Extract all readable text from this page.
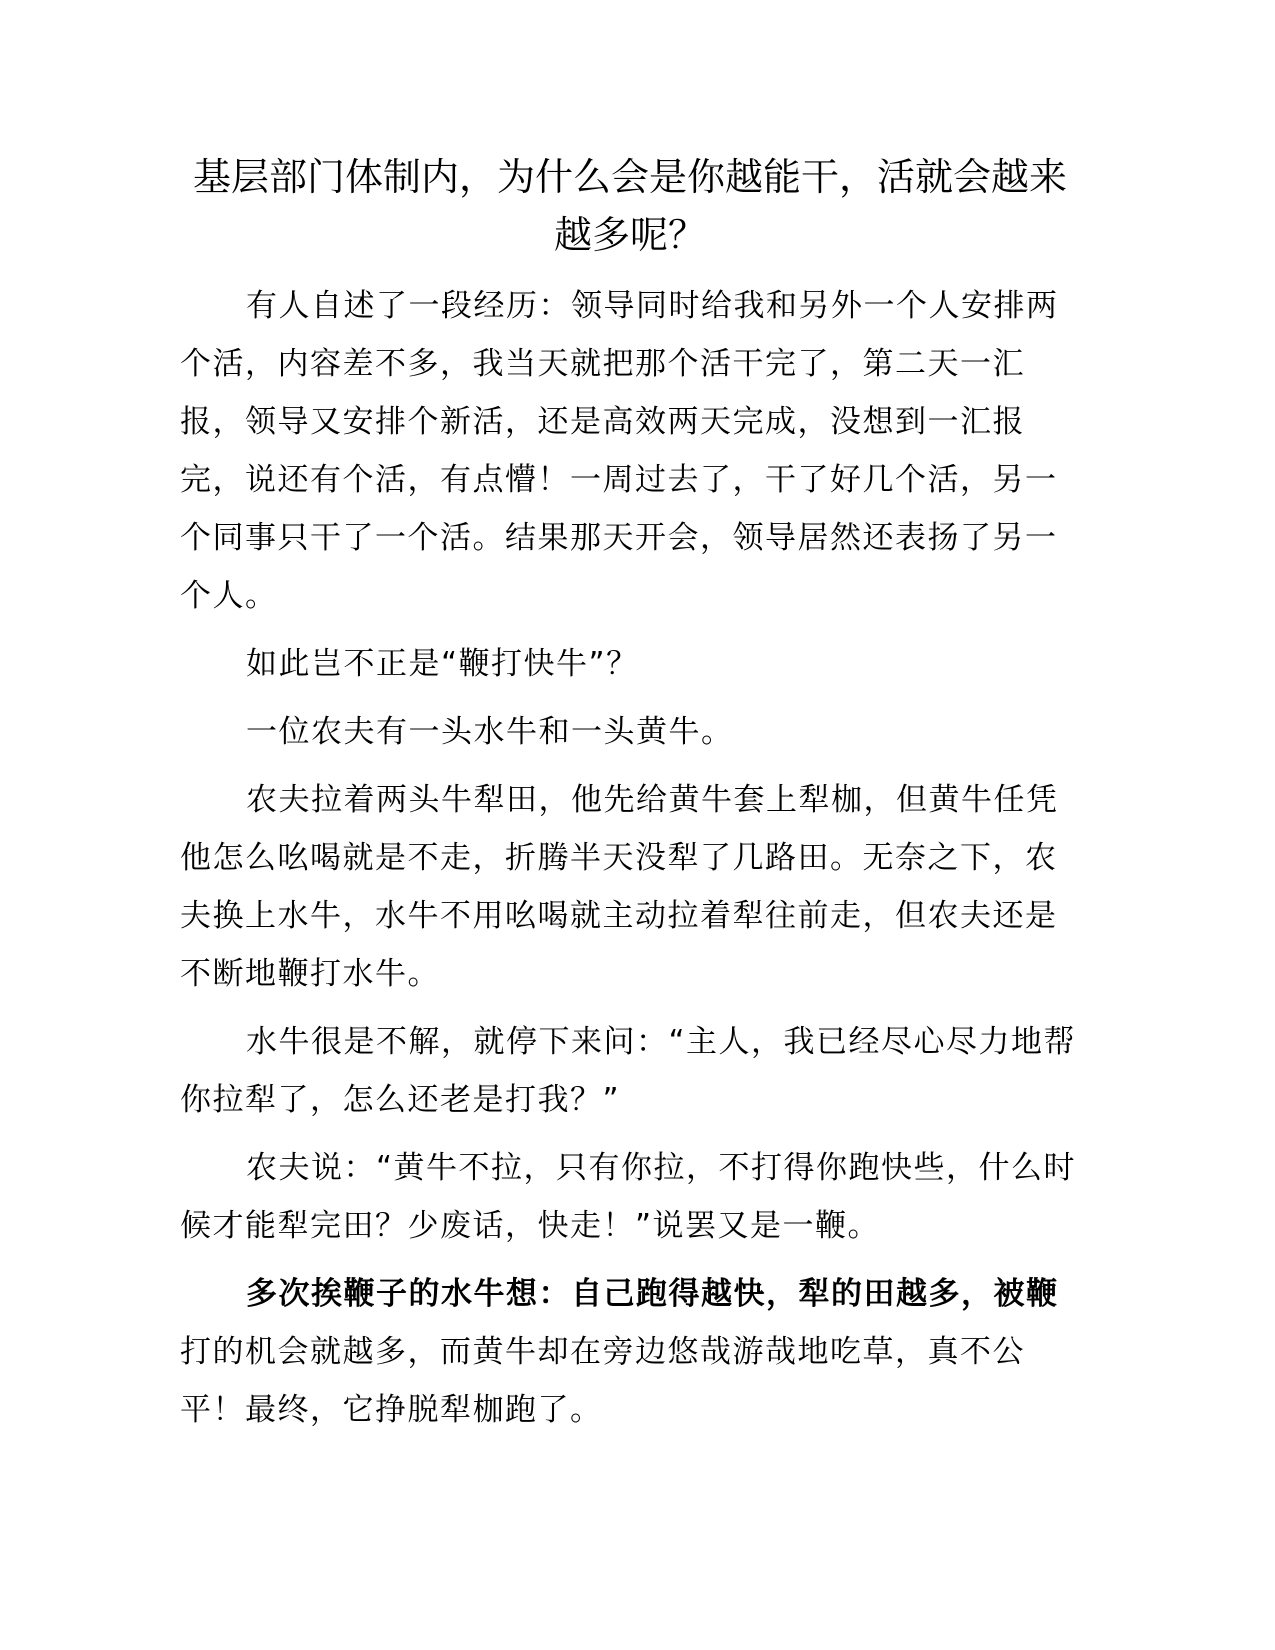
基层部门体制内，为什么会是你越能干，活就会越来越多呢？

有人自述了一段经历：领导同时给我和另外一个人安排两个活，内容差不多，我当天就把那个活干完了，第二天一汇报，领导又安排个新活，还是高效两天完成，没想到一汇报完，说还有个活，有点懵！一周过去了，干了好几个活，另一个同事只干了一个活。结果那天开会，领导居然还表扬了另一个人。

如此岂不正是“鞭打快牛”？

一位农夫有一头水牛和一头黄牛。

农夫拉着两头牛犁田，他先给黄牛套上犁枷，但黄牛任凭他怎么吆喝就是不走，折腾半天没犁了几路田。无奈之下，农夫换上水牛，水牛不用吆喝就主动拉着犁往前走，但农夫还是不断地鞭打水牛。

水牛很是不解，就停下来问：“主人，我已经尽心尽力地帮你拉犁了，怎么还老是打我？”

农夫说：“黄牛不拉，只有你拉，不打得你跑快些，什么时候才能犁完田？少废话，快走！”说罢又是一鞭。

多次挨鞭子的水牛想：自己跑得越快，犁的田越多，被鞭打的机会就越多，而黄牛却在旁边悠哉游哉地吃草，真不公平！最终，它挣脱犁枷跑了。
